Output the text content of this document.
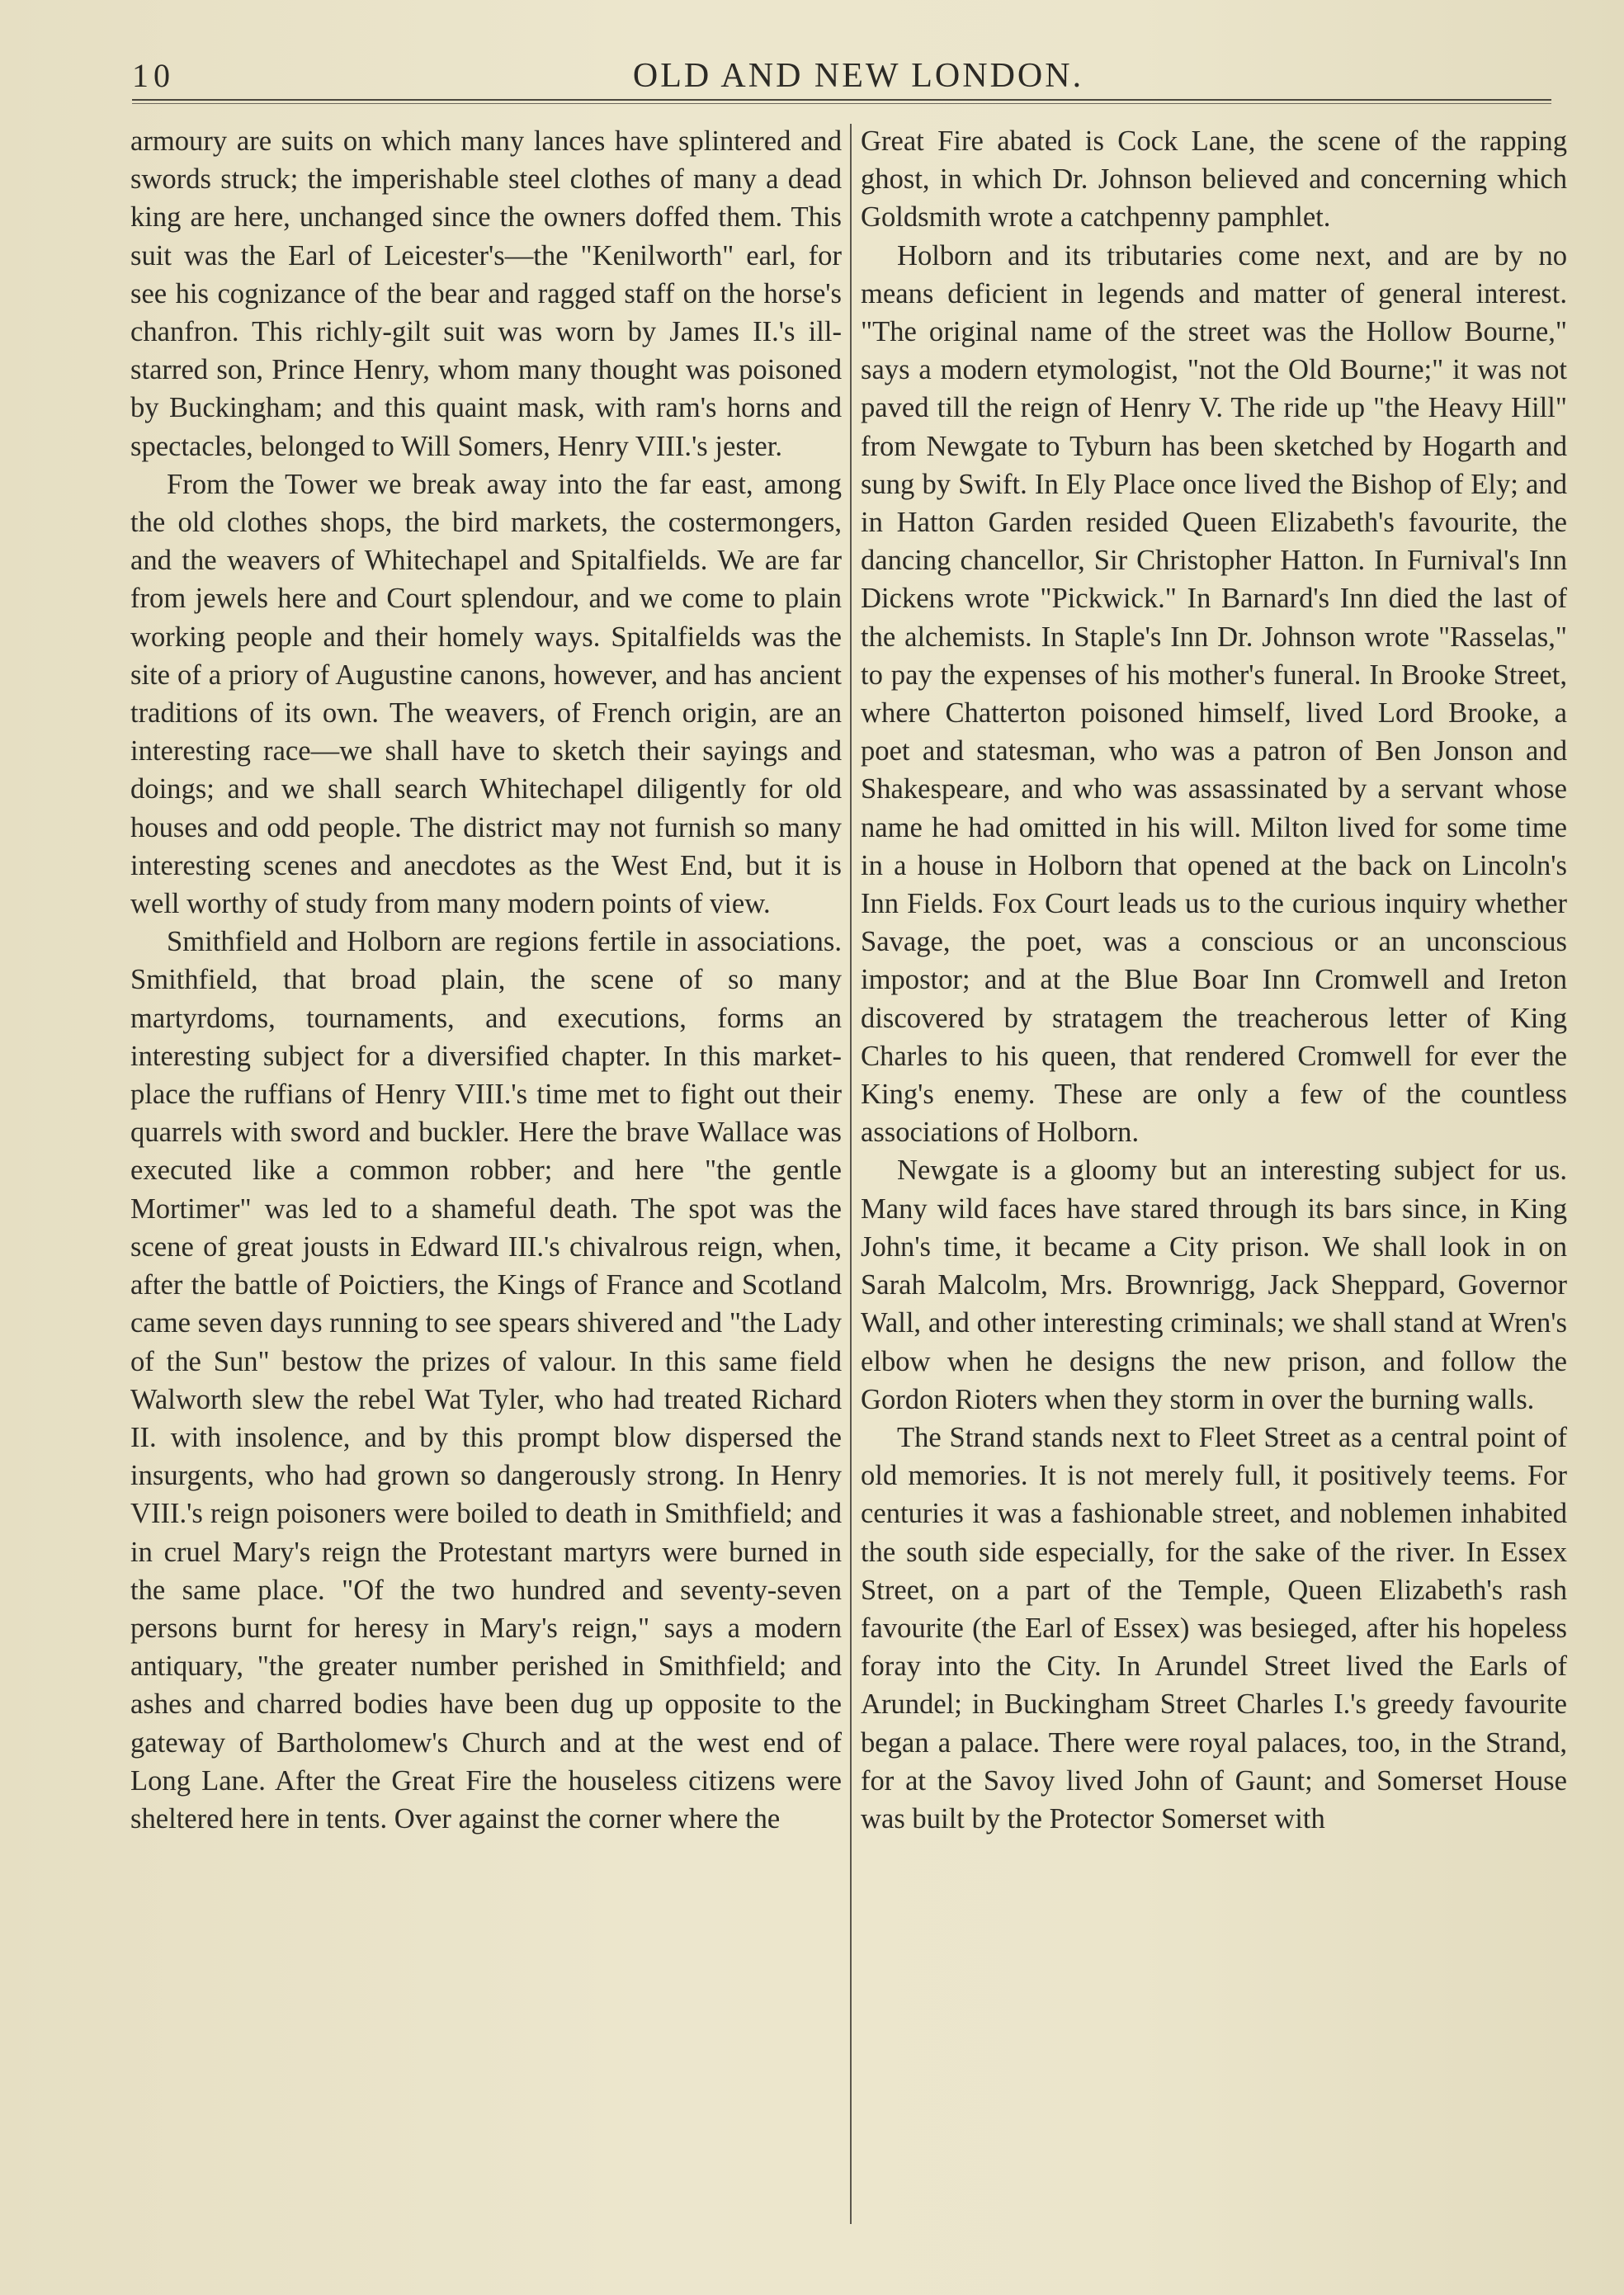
10	OLD AND NEW LONDON.

armoury are suits on which many lances have splintered and swords struck; the imperishable steel clothes of many a dead king are here, unchanged since the owners doffed them. This suit was the Earl of Leicester's—the "Kenilworth" earl, for see his cognizance of the bear and ragged staff on the horse's chanfron. This richly-gilt suit was worn by James II.'s ill-starred son, Prince Henry, whom many thought was poisoned by Buckingham; and this quaint mask, with ram's horns and spectacles, belonged to Will Somers, Henry VIII.'s jester.

From the Tower we break away into the far east, among the old clothes shops, the bird markets, the costermongers, and the weavers of Whitechapel and Spitalfields. We are far from jewels here and Court splendour, and we come to plain working people and their homely ways. Spitalfields was the site of a priory of Augustine canons, however, and has ancient traditions of its own. The weavers, of French origin, are an interesting race—we shall have to sketch their sayings and doings; and we shall search Whitechapel diligently for old houses and odd people. The district may not furnish so many interesting scenes and anecdotes as the West End, but it is well worthy of study from many modern points of view.

Smithfield and Holborn are regions fertile in associations. Smithfield, that broad plain, the scene of so many martyrdoms, tournaments, and executions, forms an interesting subject for a diversified chapter. In this market-place the ruffians of Henry VIII.'s time met to fight out their quarrels with sword and buckler. Here the brave Wallace was executed like a common robber; and here "the gentle Mortimer" was led to a shameful death. The spot was the scene of great jousts in Edward III.'s chivalrous reign, when, after the battle of Poictiers, the Kings of France and Scotland came seven days running to see spears shivered and "the Lady of the Sun" bestow the prizes of valour. In this same field Walworth slew the rebel Wat Tyler, who had treated Richard II. with insolence, and by this prompt blow dispersed the insurgents, who had grown so dangerously strong. In Henry VIII.'s reign poisoners were boiled to death in Smithfield; and in cruel Mary's reign the Protestant martyrs were burned in the same place. "Of the two hundred and seventy-seven persons burnt for heresy in Mary's reign," says a modern antiquary, "the greater number perished in Smithfield; and ashes and charred bodies have been dug up opposite to the gateway of Bartholomew's Church and at the west end of Long Lane. After the Great Fire the houseless citizens were sheltered here in tents. Over against the corner where the

Great Fire abated is Cock Lane, the scene of the rapping ghost, in which Dr. Johnson believed and concerning which Goldsmith wrote a catchpenny pamphlet.

Holborn and its tributaries come next, and are by no means deficient in legends and matter of general interest. "The original name of the street was the Hollow Bourne," says a modern etymologist, "not the Old Bourne;" it was not paved till the reign of Henry V. The ride up "the Heavy Hill" from Newgate to Tyburn has been sketched by Hogarth and sung by Swift. In Ely Place once lived the Bishop of Ely; and in Hatton Garden resided Queen Elizabeth's favourite, the dancing chancellor, Sir Christopher Hatton. In Furnival's Inn Dickens wrote "Pickwick." In Barnard's Inn died the last of the alchemists. In Staple's Inn Dr. Johnson wrote "Rasselas," to pay the expenses of his mother's funeral. In Brooke Street, where Chatterton poisoned himself, lived Lord Brooke, a poet and statesman, who was a patron of Ben Jonson and Shakespeare, and who was assassinated by a servant whose name he had omitted in his will. Milton lived for some time in a house in Holborn that opened at the back on Lincoln's Inn Fields. Fox Court leads us to the curious inquiry whether Savage, the poet, was a conscious or an unconscious impostor; and at the Blue Boar Inn Cromwell and Ireton discovered by stratagem the treacherous letter of King Charles to his queen, that rendered Cromwell for ever the King's enemy. These are only a few of the countless associations of Holborn.

Newgate is a gloomy but an interesting subject for us. Many wild faces have stared through its bars since, in King John's time, it became a City prison. We shall look in on Sarah Malcolm, Mrs. Brownrigg, Jack Sheppard, Governor Wall, and other interesting criminals; we shall stand at Wren's elbow when he designs the new prison, and follow the Gordon Rioters when they storm in over the burning walls.

The Strand stands next to Fleet Street as a central point of old memories. It is not merely full, it positively teems. For centuries it was a fashionable street, and noblemen inhabited the south side especially, for the sake of the river. In Essex Street, on a part of the Temple, Queen Elizabeth's rash favourite (the Earl of Essex) was besieged, after his hopeless foray into the City. In Arundel Street lived the Earls of Arundel; in Buckingham Street Charles I.'s greedy favourite began a palace. There were royal palaces, too, in the Strand, for at the Savoy lived John of Gaunt; and Somerset House was built by the Protector Somerset with
